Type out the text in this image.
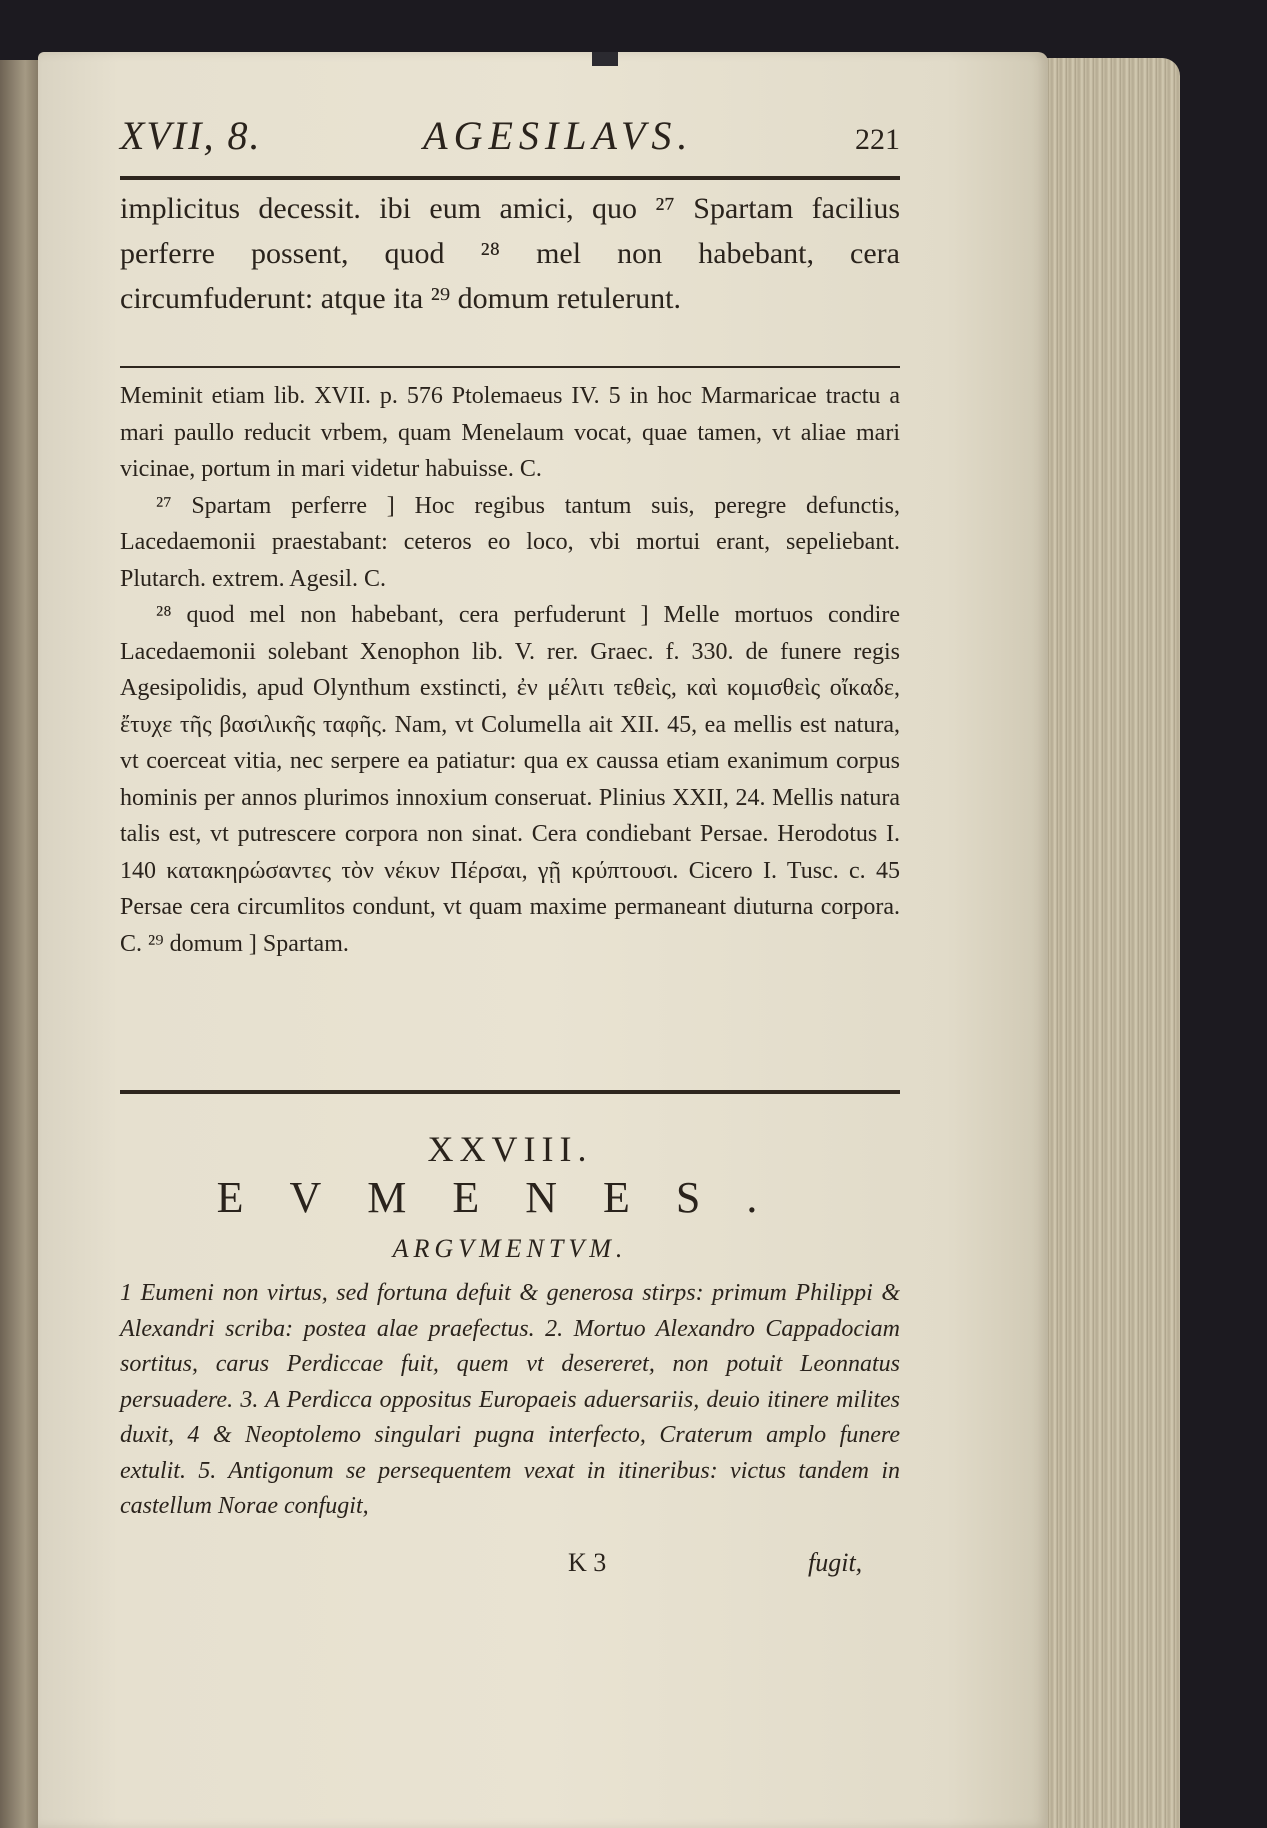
XVII, 8.	AGESILAVS.	221
implicitus decessit. ibi eum amici, quo ²⁷ Spartam facilius perferre possent, quod ²⁸ mel non habebant, cera circumfuderunt: atque ita ²⁹ domum retulerunt.

Meminit etiam lib. XVII. p. 576 Ptolemaeus IV. 5 in hoc Marmaricae tractu a mari paullo reducit vrbem, quam Menelaum vocat, quae tamen, vt aliae mari vicinae, portum in mari videtur habuisse. C.

²⁷ Spartam perferre ] Hoc regibus tantum suis, peregre defunctis, Lacedaemonii praestabant: ceteros eo loco, vbi mortui erant, sepeliebant. Plutarch. extrem. Agesil. C.

²⁸ quod mel non habebant, cera perfuderunt ] Melle mortuos condire Lacedaemonii solebant Xenophon lib. V. rer. Graec. f. 330. de funere regis Agesipolidis, apud Olynthum exstincti, ἐν μέλιτι τεθεὶς, καὶ κομισθεὶς οἴκαδε, ἔτυχε τῆς βασιλικῆς ταφῆς. Nam, vt Columella ait XII. 45, ea mellis est natura, vt coerceat vitia, nec serpere ea patiatur: qua ex caussa etiam exanimum corpus hominis per annos plurimos innoxium conseruat. Plinius XXII, 24. Mellis natura talis est, vt putrescere corpora non sinat. Cera condiebant Persae. Herodotus I. 140 κατακηρώσαντες τὸν νέκυν Πέρσαι, γῇ κρύπτουσι. Cicero I. Tusc. c. 45 Persae cera circumlitos condunt, vt quam maxime permaneant diuturna corpora. C. ²⁹ domum ] Spartam.

XXVIII.
EVMENES.
ARGVMENTVM.
1 Eumeni non virtus, sed fortuna defuit & generosa stirps: primum Philippi & Alexandri scriba: postea alae praefectus. 2. Mortuo Alexandro Cappadociam sortitus, carus Perdiccae fuit, quem vt desereret, non potuit Leonnatus persuadere. 3. A Perdicca oppositus Europaeis aduersariis, deuio itinere milites duxit, 4 & Neoptolemo singulari pugna interfecto, Craterum amplo funere extulit. 5. Antigonum se persequentem vexat in itineribus: victus tandem in castellum Norae confugit,
K 3	fugit,
